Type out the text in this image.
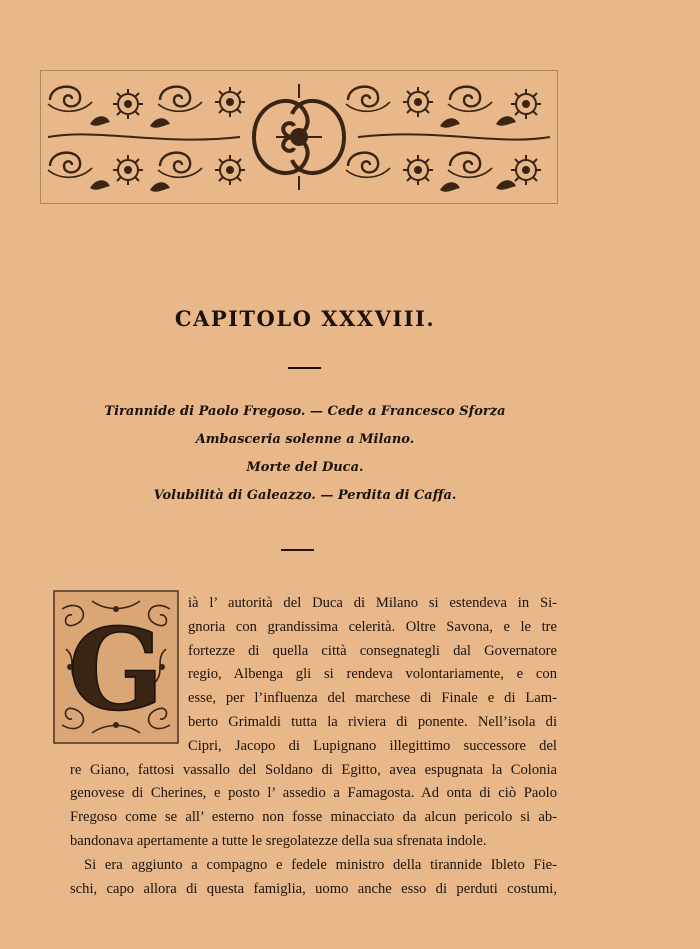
CAPITOLO XXXVIII.
Tirannide di Paolo Fregoso. — Cede a Francesco Sforza
Ambasceria solenne a Milano.
Morte del Duca.
Volubilità di Galeazzo. — Perdita di Caffa.
G
ià l’ autorità del Duca di Milano si estendeva in Si-
gnoria con grandissima celerità. Oltre Savona, e le tre
fortezze di quella città consegnategli dal Governatore
regio, Albenga gli si rendeva volontariamente, e con
esse, per l’influenza del marchese di Finale e di Lam-
berto Grimaldi tutta la riviera di ponente. Nell’isola di
Cipri, Jacopo di Lupignano illegittimo successore del
re Giano, fattosi vassallo del Soldano di Egitto, avea espugnata la Colonia
genovese di Cherines, e posto l’ assedio a Famagosta. Ad onta di ciò Paolo
Fregoso come se all’ esterno non fosse minacciato da alcun pericolo si ab-
bandonava apertamente a tutte le sregolatezze della sua sfrenata indole.
Si era aggiunto a compagno e fedele ministro della tirannide Ibleto Fie-
schi, capo allora di questa famiglia, uomo anche esso di perduti costumi,
